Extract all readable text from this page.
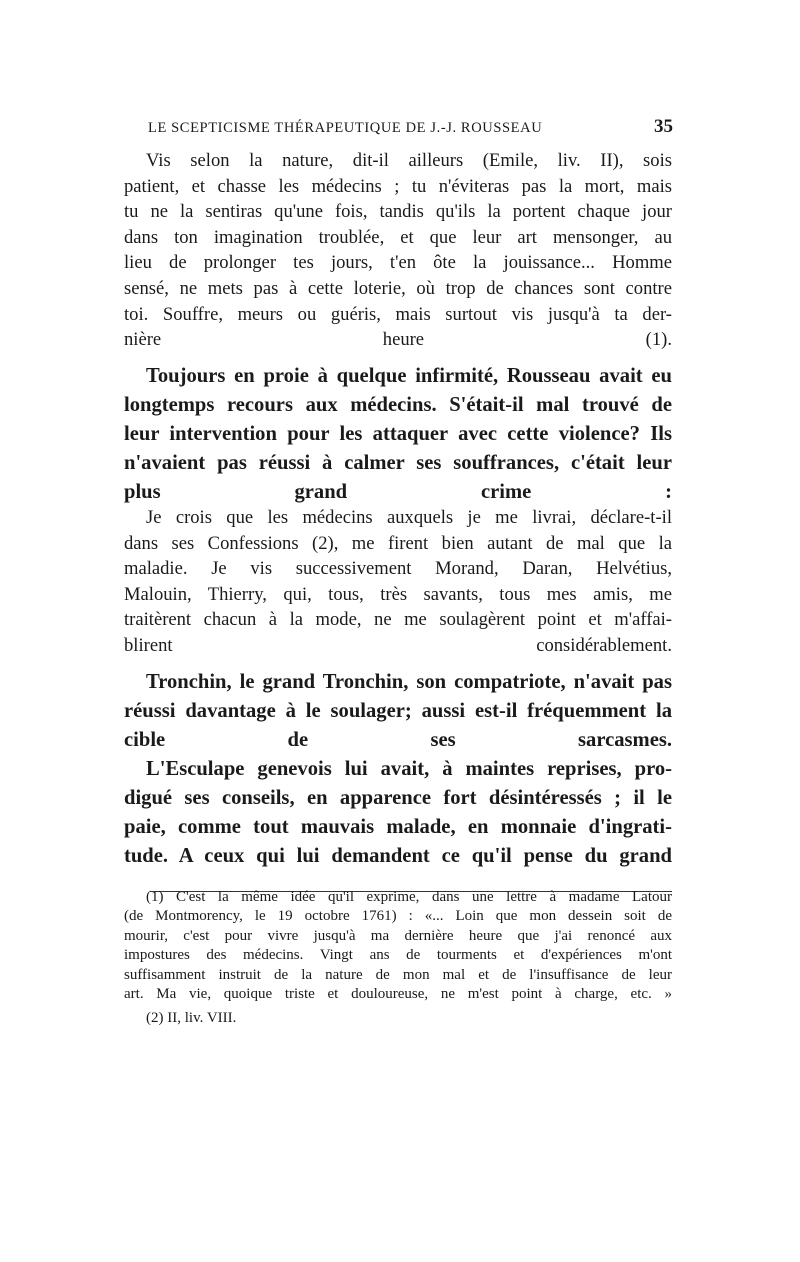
LE SCEPTICISME THÉRAPEUTIQUE DE J.-J. ROUSSEAU	35

Vis selon la nature, dit-il ailleurs (Emile, liv. II), sois
patient, et chasse les médecins ; tu n'éviteras pas la mort, mais
tu ne la sentiras qu'une fois, tandis qu'ils la portent chaque jour
dans ton imagination troublée, et que leur art mensonger, au
lieu de prolonger tes jours, t'en ôte la jouissance... Homme
sensé, ne mets pas à cette loterie, où trop de chances sont contre
toi. Souffre, meurs ou guéris, mais surtout vis jusqu'à ta der-
nière heure (1).

Toujours en proie à quelque infirmité, Rousseau avait eu
longtemps recours aux médecins. S'était-il mal trouvé de
leur intervention pour les attaquer avec cette violence? Ils
n'avaient pas réussi à calmer ses souffrances, c'était leur
plus grand crime :

Je crois que les médecins auxquels je me livrai, déclare-t-il
dans ses Confessions (2), me firent bien autant de mal que la
maladie. Je vis successivement Morand, Daran, Helvétius,
Malouin, Thierry, qui, tous, très savants, tous mes amis, me
traitèrent chacun à la mode, ne me soulagèrent point et m'affai-
blirent considérablement.

Tronchin, le grand Tronchin, son compatriote, n'avait pas
réussi davantage à le soulager; aussi est-il fréquemment la
cible de ses sarcasmes.

L'Esculape genevois lui avait, à maintes reprises, pro-
digué ses conseils, en apparence fort désintéressés ; il le
paie, comme tout mauvais malade, en monnaie d'ingrati-
tude. A ceux qui lui demandent ce qu'il pense du grand

(1) C'est la même idée qu'il exprime, dans une lettre à madame Latour
(de Montmorency, le 19 octobre 1761) : «... Loin que mon dessein soit de
mourir, c'est pour vivre jusqu'à ma dernière heure que j'ai renoncé aux
impostures des médecins. Vingt ans de tourments et d'expériences m'ont
suffisamment instruit de la nature de mon mal et de l'insuffisance de leur
art. Ma vie, quoique triste et douloureuse, ne m'est point à charge, etc. »

(2) II, liv. VIII.
